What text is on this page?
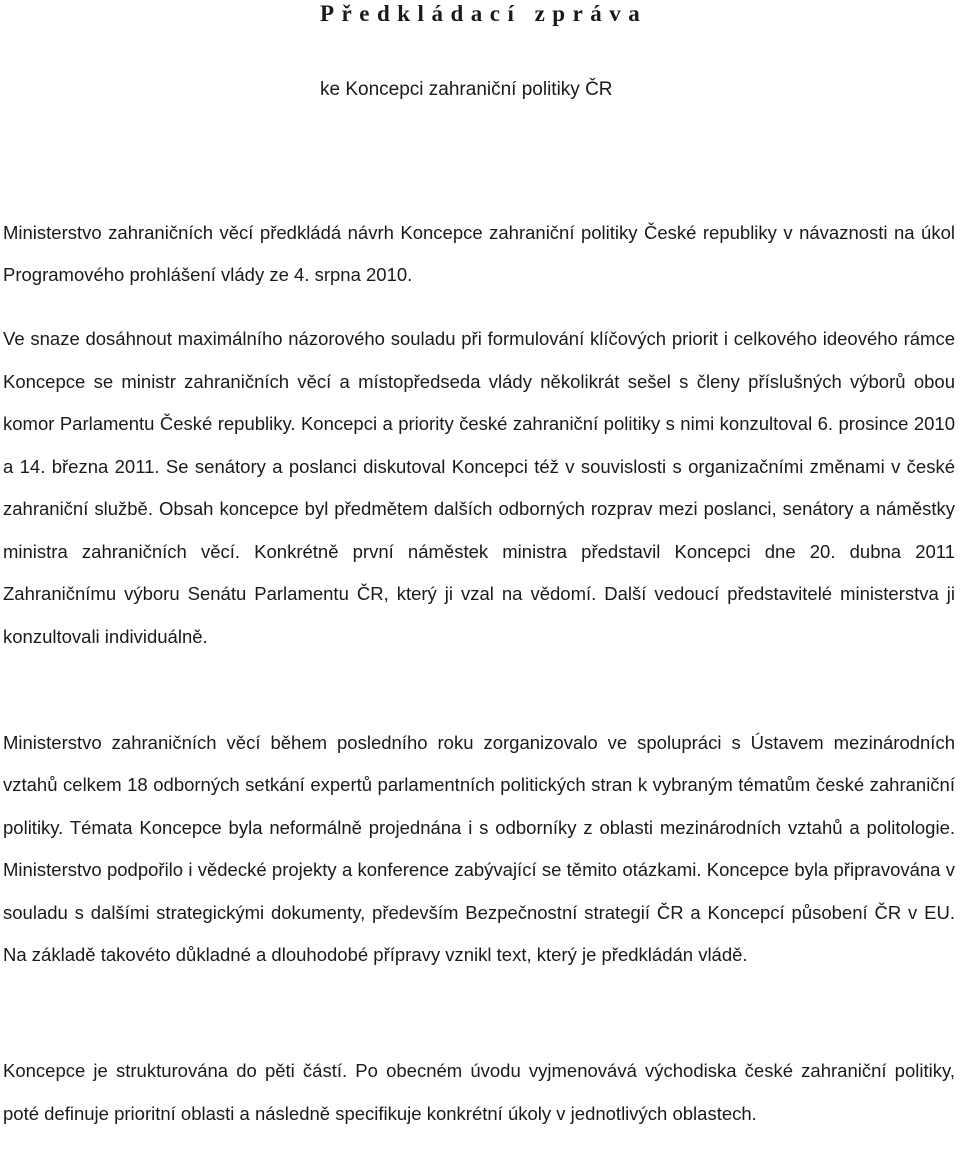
Předkládací zpráva

ke Koncepci zahraniční politiky ČR

Ministerstvo zahraničních věcí předkládá návrh Koncepce zahraniční politiky České republiky v návaznosti na úkol Programového prohlášení vlády ze 4. srpna 2010.

Ve snaze dosáhnout maximálního názorového souladu při formulování klíčových priorit i celkového ideového rámce Koncepce se ministr zahraničních věcí a místopředseda vlády několikrát sešel s členy příslušných výborů obou komor Parlamentu České republiky. Koncepci a priority české zahraniční politiky s nimi konzultoval 6. prosince 2010 a 14. března 2011. Se senátory a poslanci diskutoval Koncepci též v souvislosti s organizačními změnami v české zahraniční službě. Obsah koncepce byl předmětem dalších odborných rozprav mezi poslanci, senátory a náměstky ministra zahraničních věcí. Konkrétně první náměstek ministra představil Koncepci dne 20. dubna 2011 Zahraničnímu výboru Senátu Parlamentu ČR, který ji vzal na vědomí. Další vedoucí představitelé ministerstva ji konzultovali individuálně.

Ministerstvo zahraničních věcí během posledního roku zorganizovalo ve spolupráci s Ústavem mezinárodních vztahů celkem 18 odborných setkání expertů parlamentních politických stran k vybraným tématům české zahraniční politiky. Témata Koncepce byla neformálně projednána i s odborníky z oblasti mezinárodních vztahů a politologie. Ministerstvo podpořilo i vědecké projekty a konference zabývající se těmito otázkami. Koncepce byla připravována v souladu s dalšími strategickými dokumenty, především Bezpečnostní strategií ČR a Koncepcí působení ČR v EU. Na základě takovéto důkladné a dlouhodobé přípravy vznikl text, který je předkládán vládě.

Koncepce je strukturována do pěti částí. Po obecném úvodu vyjmenovává východiska české zahraniční politiky, poté definuje prioritní oblasti a následně specifikuje konkrétní úkoly v jednotlivých oblastech.
